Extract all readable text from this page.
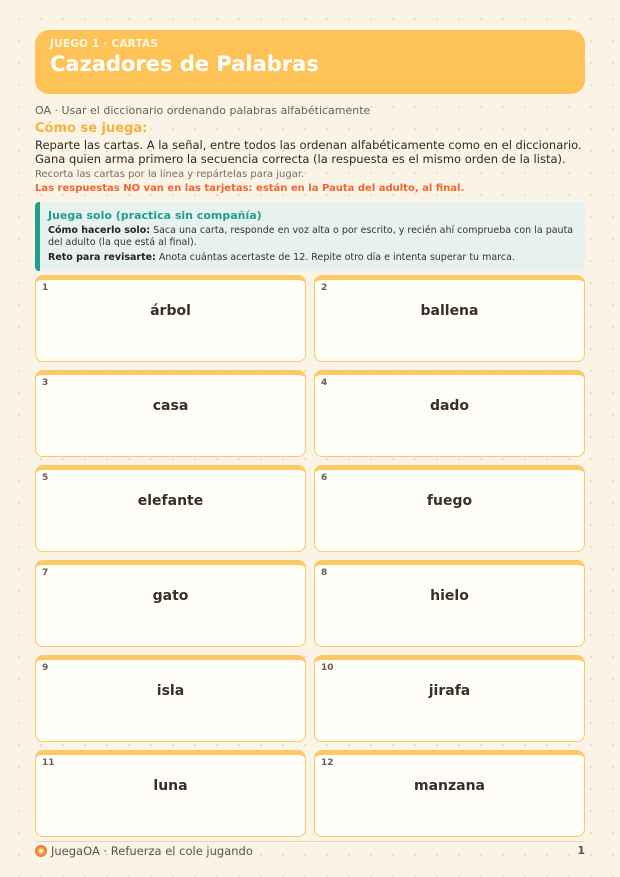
JUEGO 1 · CARTAS
Cazadores de Palabras
OA · Usar el diccionario ordenando palabras alfabéticamente
Cómo se juega:
Reparte las cartas. A la señal, entre todos las ordenan alfabéticamente como en el diccionario. Gana quien arma primero la secuencia correcta (la respuesta es el mismo orden de la lista).
Recorta las cartas por la línea y repártelas para jugar.
Las respuestas NO van en las tarjetas: están en la Pauta del adulto, al final.
Juega solo (practica sin compañía)
Cómo hacerlo solo: Saca una carta, responde en voz alta o por escrito, y recién ahí comprueba con la pauta del adulto (la que está al final).
Reto para revisarte: Anota cuántas acertaste de 12. Repite otro día e intenta superar tu marca.
1
árbol
2
ballena
3
casa
4
dado
5
elefante
6
fuego
7
gato
8
hielo
9
isla
10
jirafa
11
luna
12
manzana
JuegaOA · Refuerza el cole jugando	1
